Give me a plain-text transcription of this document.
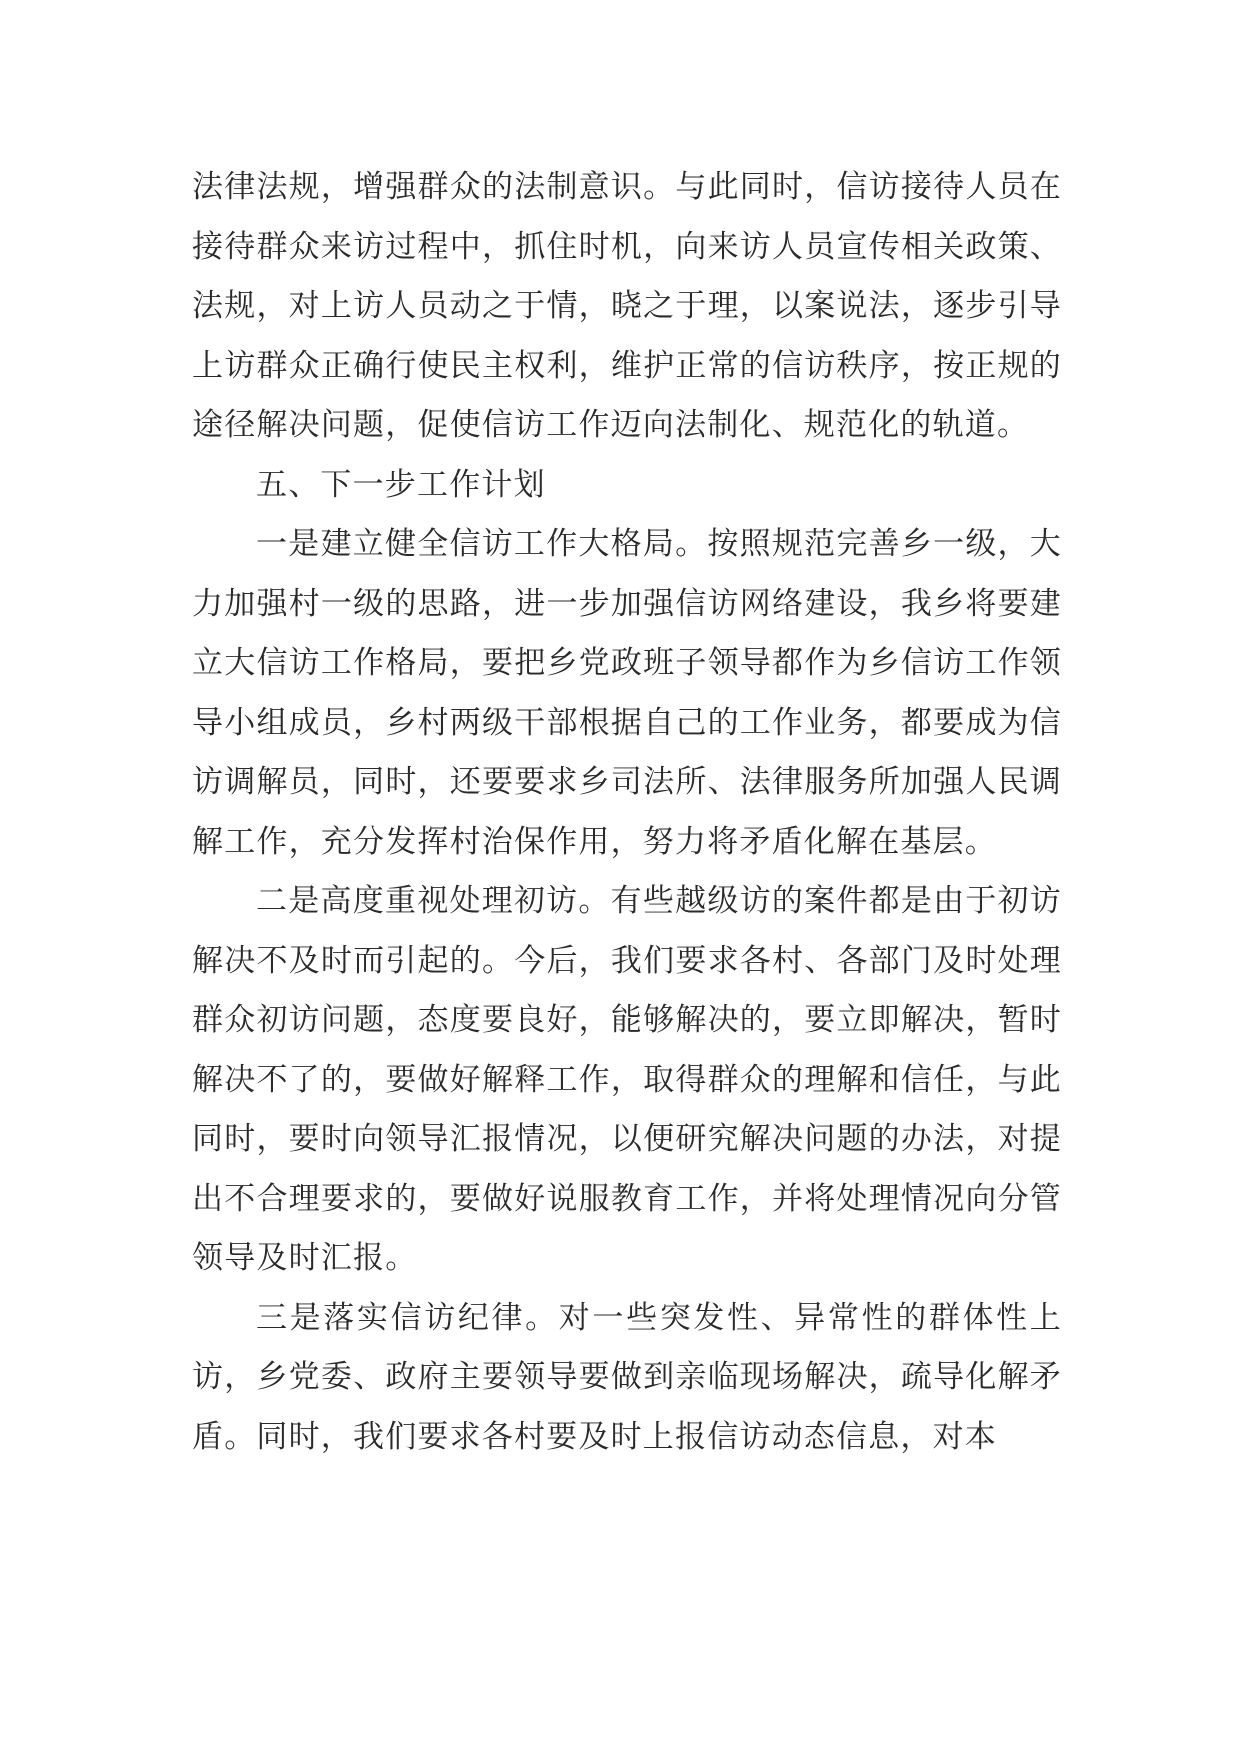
法律法规，增强群众的法制意识。与此同时，信访接待人员在接待群众来访过程中，抓住时机，向来访人员宣传相关政策、法规，对上访人员动之于情，晓之于理，以案说法，逐步引导上访群众正确行使民主权利，维护正常的信访秩序，按正规的途径解决问题，促使信访工作迈向法制化、规范化的轨道。

五、下一步工作计划

一是建立健全信访工作大格局。按照规范完善乡一级，大力加强村一级的思路，进一步加强信访网络建设，我乡将要建立大信访工作格局，要把乡党政班子领导都作为乡信访工作领导小组成员，乡村两级干部根据自己的工作业务，都要成为信访调解员，同时，还要要求乡司法所、法律服务所加强人民调解工作，充分发挥村治保作用，努力将矛盾化解在基层。

二是高度重视处理初访。有些越级访的案件都是由于初访解决不及时而引起的。今后，我们要求各村、各部门及时处理群众初访问题，态度要良好，能够解决的，要立即解决，暂时解决不了的，要做好解释工作，取得群众的理解和信任，与此同时，要时向领导汇报情况，以便研究解决问题的办法，对提出不合理要求的，要做好说服教育工作，并将处理情况向分管领导及时汇报。

三是落实信访纪律。对一些突发性、异常性的群体性上访，乡党委、政府主要领导要做到亲临现场解决，疏导化解矛盾。同时，我们要求各村要及时上报信访动态信息，对本
